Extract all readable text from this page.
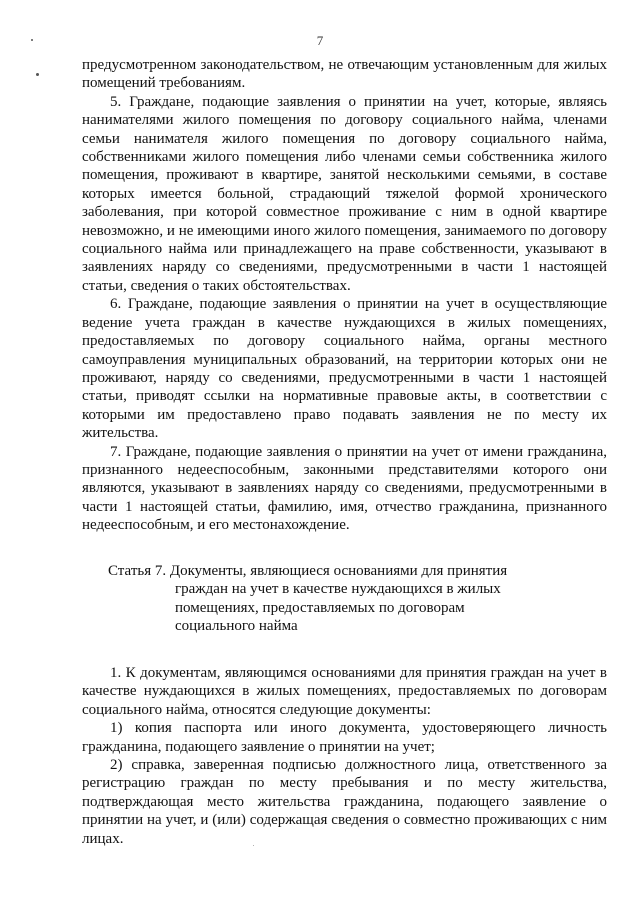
7

предусмотренном законодательством, не отвечающим установленным для жилых помещений требованиям.

5. Граждане, подающие заявления о принятии на учет, которые, являясь нанимателями жилого помещения по договору социального найма, членами семьи нанимателя жилого помещения по договору социального найма, собственниками жилого помещения либо членами семьи собственника жилого помещения, проживают в квартире, занятой несколькими семьями, в составе которых имеется больной, страдающий тяжелой формой хронического заболевания, при которой совместное проживание с ним в одной квартире невозможно, и не имеющими иного жилого помещения, занимаемого по договору социального найма или принадлежащего на праве собственности, указывают в заявлениях наряду со сведениями, предусмотренными в части 1 настоящей статьи, сведения о таких обстоятельствах.

6. Граждане, подающие заявления о принятии на учет в осуществляющие ведение учета граждан в качестве нуждающихся в жилых помещениях, предоставляемых по договору социального найма, органы местного самоуправления муниципальных образований, на территории которых они не проживают, наряду со сведениями, предусмотренными в части 1 настоящей статьи, приводят ссылки на нормативные правовые акты, в соответствии с которыми им предоставлено право подавать заявления не по месту их жительства.

7. Граждане, подающие заявления о принятии на учет от имени гражданина, признанного недееспособным, законными представителями которого они являются, указывают в заявлениях наряду со сведениями, предусмотренными в части 1 настоящей статьи, фамилию, имя, отчество гражданина, признанного недееспособным, и его местонахождение.

Статья 7. Документы, являющиеся основаниями для принятия
граждан на учет в качестве нуждающихся в жилых помещениях, предоставляемых по договорам социального найма

1. К документам, являющимся основаниями для принятия граждан на учет в качестве нуждающихся в жилых помещениях, предоставляемых по договорам социального найма, относятся следующие документы:

1) копия паспорта или иного документа, удостоверяющего личность гражданина, подающего заявление о принятии на учет;

2) справка, заверенная подписью должностного лица, ответственного за регистрацию граждан по месту пребывания и по месту жительства, подтверждающая место жительства гражданина, подающего заявление о принятии на учет, и (или) содержащая сведения о совместно проживающих с ним лицах.
